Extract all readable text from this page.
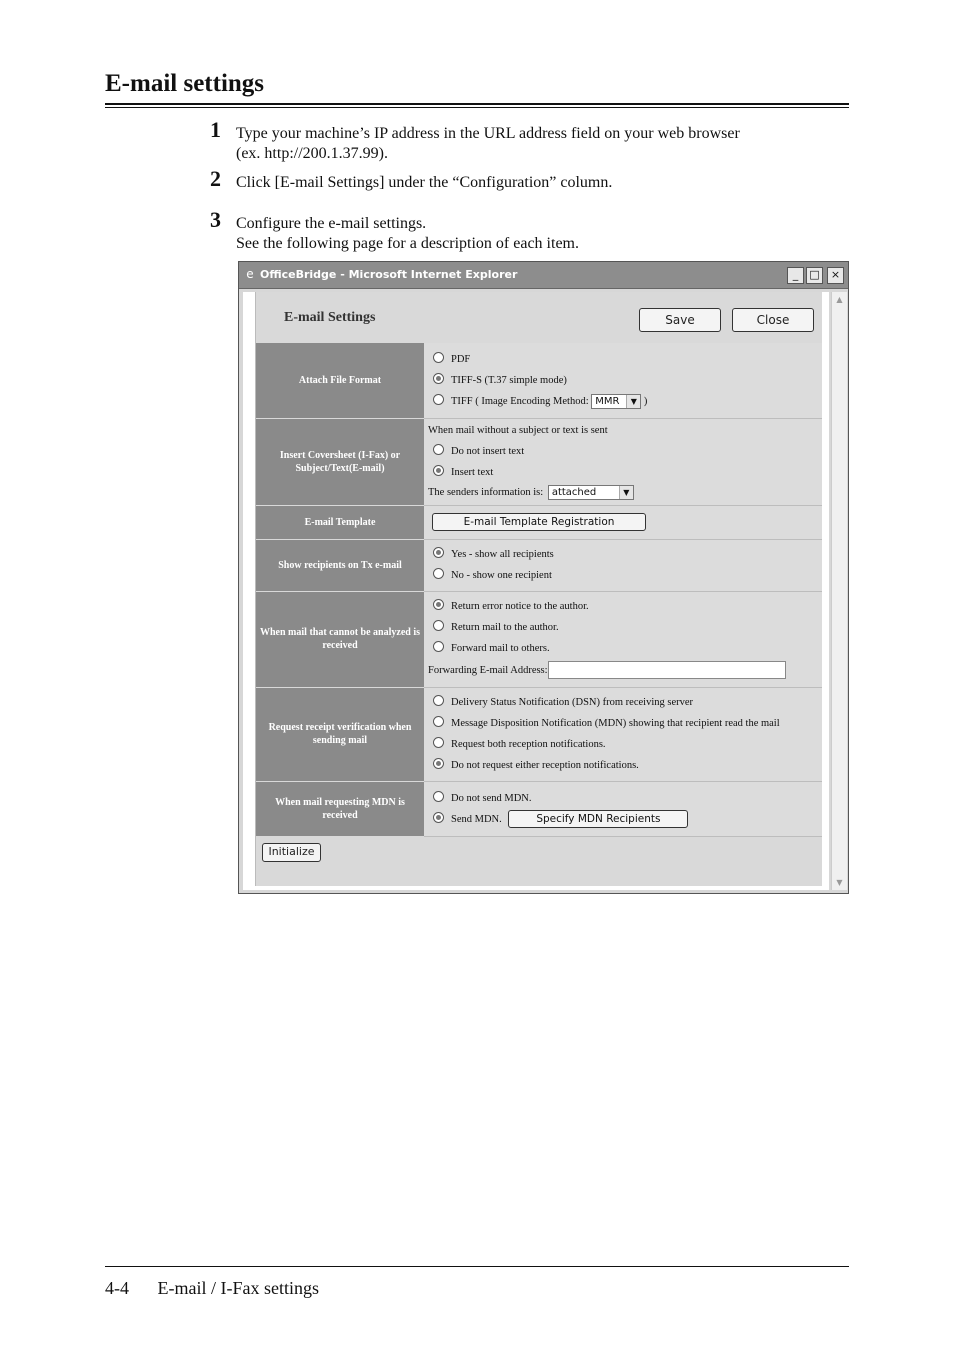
E-mail settings
1 Type your machine’s IP address in the URL address field on your web browser
(ex. http://200.1.37.99).
2 Click [E-mail Settings] under the “Configuration” column.
3 Configure the e-mail settings.
See the following page for a description of each item.
e OfficeBridge - Microsoft Internet Explorer	_	□	×
E-mail Settings	Save	Close
Attach File Format	PDF
TIFF-S (T.37 simple mode)
TIFF ( Image Encoding Method: MMR ▼ )

Insert Coversheet (I-Fax) or Subject/Text(E-mail)	When mail without a subject or text is sent
Do not insert text
Insert text
The senders information is: attached ▼

E-mail Template	E-mail Template Registration
Show recipients on Tx e-mail	Yes - show all recipients
No - show one recipient

When mail that cannot be analyzed is received	Return error notice to the author.
Return mail to the author.
Forward mail to others.
Forwarding E-mail Address:

Request receipt verification when sending mail	Delivery Status Notification (DSN) from receiving server
Message Disposition Notification (MDN) showing that recipient read the mail
Request both reception notifications.
Do not request either reception notifications.

When mail requesting MDN is received	Do not send MDN.
Send MDN. Specify MDN Recipients
Initialize
▲
▼
4-4 E-mail / I-Fax settings
